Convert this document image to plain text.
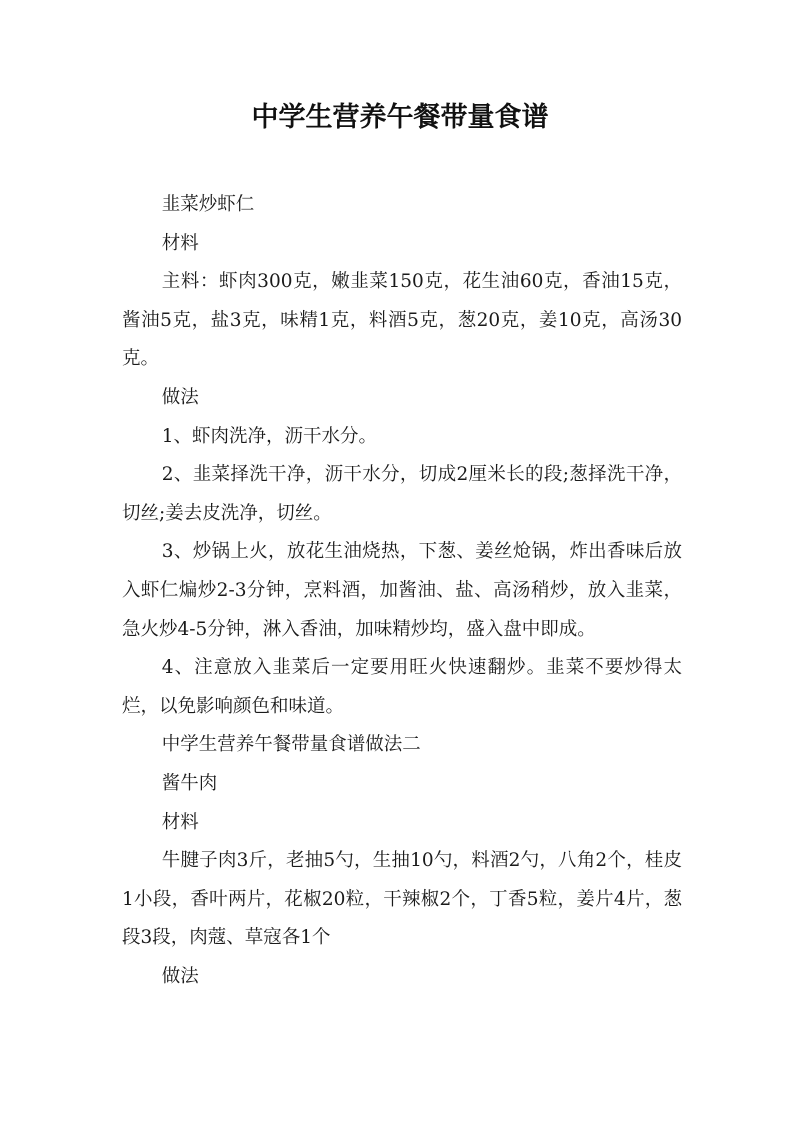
中学生营养午餐带量食谱

韭菜炒虾仁

材料

主料：虾肉300克，嫩韭菜150克，花生油60克，香油15克，酱油5克，盐3克，味精1克，料酒5克，葱20克，姜10克，高汤30克。

做法

1、虾肉洗净，沥干水分。

2、韭菜择洗干净，沥干水分，切成2厘米长的段;葱择洗干净，切丝;姜去皮洗净，切丝。

3、炒锅上火，放花生油烧热，下葱、姜丝炝锅，炸出香味后放入虾仁煸炒2-3分钟，烹料酒，加酱油、盐、高汤稍炒，放入韭菜，急火炒4-5分钟，淋入香油，加味精炒均，盛入盘中即成。

4、注意放入韭菜后一定要用旺火快速翻炒。韭菜不要炒得太烂，以免影响颜色和味道。

中学生营养午餐带量食谱做法二

酱牛肉

材料

牛腱子肉3斤，老抽5勺，生抽10勺，料酒2勺，八角2个，桂皮1小段，香叶两片，花椒20粒，干辣椒2个，丁香5粒，姜片4片，葱段3段，肉蔻、草寇各1个

做法
